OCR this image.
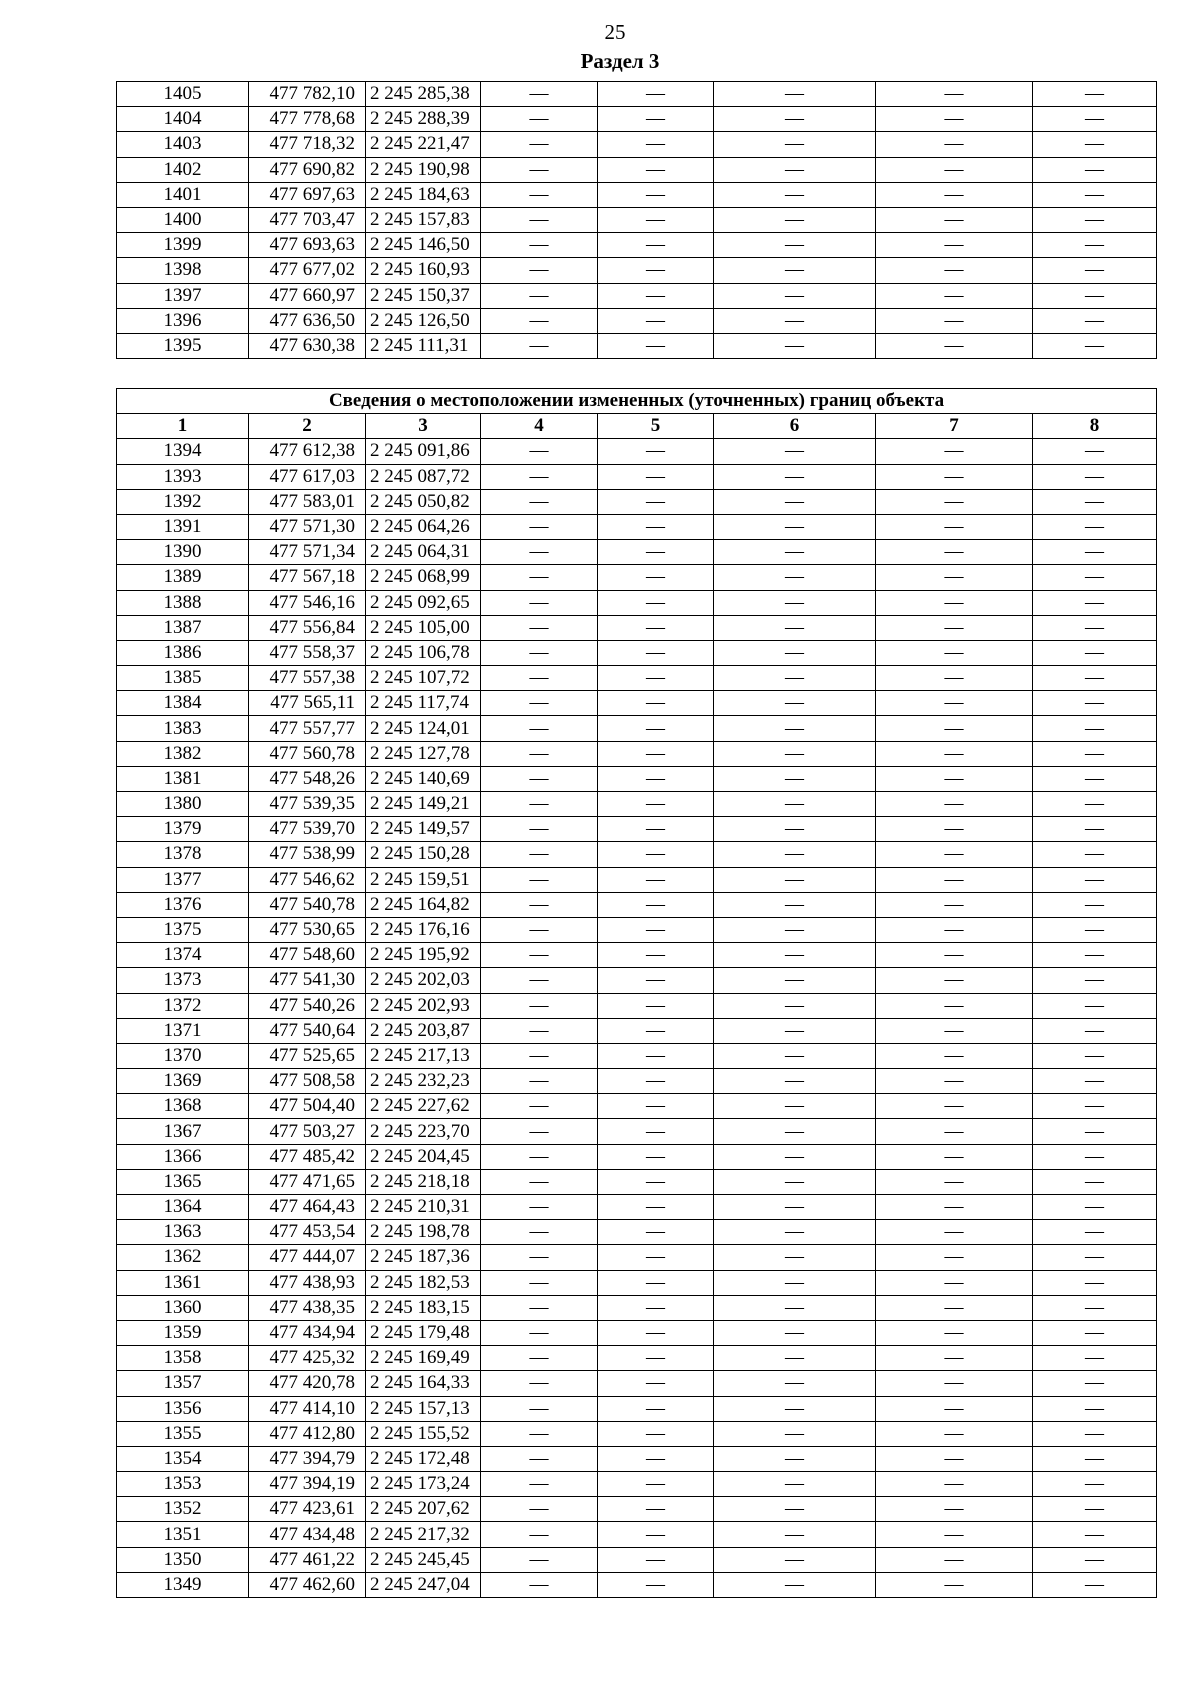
25
Раздел 3
1405	477 782,10	2 245 285,38	—	—	—	—	—
1404	477 778,68	2 245 288,39	—	—	—	—	—
1403	477 718,32	2 245 221,47	—	—	—	—	—
1402	477 690,82	2 245 190,98	—	—	—	—	—
1401	477 697,63	2 245 184,63	—	—	—	—	—
1400	477 703,47	2 245 157,83	—	—	—	—	—
1399	477 693,63	2 245 146,50	—	—	—	—	—
1398	477 677,02	2 245 160,93	—	—	—	—	—
1397	477 660,97	2 245 150,37	—	—	—	—	—
1396	477 636,50	2 245 126,50	—	—	—	—	—
1395	477 630,38	2 245 111,31	—	—	—	—	—
Сведения о местоположении измененных (уточненных) границ объекта							
1	2	3	4	5	6	7	8
1394	477 612,38	2 245 091,86	—	—	—	—	—
1393	477 617,03	2 245 087,72	—	—	—	—	—
1392	477 583,01	2 245 050,82	—	—	—	—	—
1391	477 571,30	2 245 064,26	—	—	—	—	—
1390	477 571,34	2 245 064,31	—	—	—	—	—
1389	477 567,18	2 245 068,99	—	—	—	—	—
1388	477 546,16	2 245 092,65	—	—	—	—	—
1387	477 556,84	2 245 105,00	—	—	—	—	—
1386	477 558,37	2 245 106,78	—	—	—	—	—
1385	477 557,38	2 245 107,72	—	—	—	—	—
1384	477 565,11	2 245 117,74	—	—	—	—	—
1383	477 557,77	2 245 124,01	—	—	—	—	—
1382	477 560,78	2 245 127,78	—	—	—	—	—
1381	477 548,26	2 245 140,69	—	—	—	—	—
1380	477 539,35	2 245 149,21	—	—	—	—	—
1379	477 539,70	2 245 149,57	—	—	—	—	—
1378	477 538,99	2 245 150,28	—	—	—	—	—
1377	477 546,62	2 245 159,51	—	—	—	—	—
1376	477 540,78	2 245 164,82	—	—	—	—	—
1375	477 530,65	2 245 176,16	—	—	—	—	—
1374	477 548,60	2 245 195,92	—	—	—	—	—
1373	477 541,30	2 245 202,03	—	—	—	—	—
1372	477 540,26	2 245 202,93	—	—	—	—	—
1371	477 540,64	2 245 203,87	—	—	—	—	—
1370	477 525,65	2 245 217,13	—	—	—	—	—
1369	477 508,58	2 245 232,23	—	—	—	—	—
1368	477 504,40	2 245 227,62	—	—	—	—	—
1367	477 503,27	2 245 223,70	—	—	—	—	—
1366	477 485,42	2 245 204,45	—	—	—	—	—
1365	477 471,65	2 245 218,18	—	—	—	—	—
1364	477 464,43	2 245 210,31	—	—	—	—	—
1363	477 453,54	2 245 198,78	—	—	—	—	—
1362	477 444,07	2 245 187,36	—	—	—	—	—
1361	477 438,93	2 245 182,53	—	—	—	—	—
1360	477 438,35	2 245 183,15	—	—	—	—	—
1359	477 434,94	2 245 179,48	—	—	—	—	—
1358	477 425,32	2 245 169,49	—	—	—	—	—
1357	477 420,78	2 245 164,33	—	—	—	—	—
1356	477 414,10	2 245 157,13	—	—	—	—	—
1355	477 412,80	2 245 155,52	—	—	—	—	—
1354	477 394,79	2 245 172,48	—	—	—	—	—
1353	477 394,19	2 245 173,24	—	—	—	—	—
1352	477 423,61	2 245 207,62	—	—	—	—	—
1351	477 434,48	2 245 217,32	—	—	—	—	—
1350	477 461,22	2 245 245,45	—	—	—	—	—
1349	477 462,60	2 245 247,04	—	—	—	—	—
